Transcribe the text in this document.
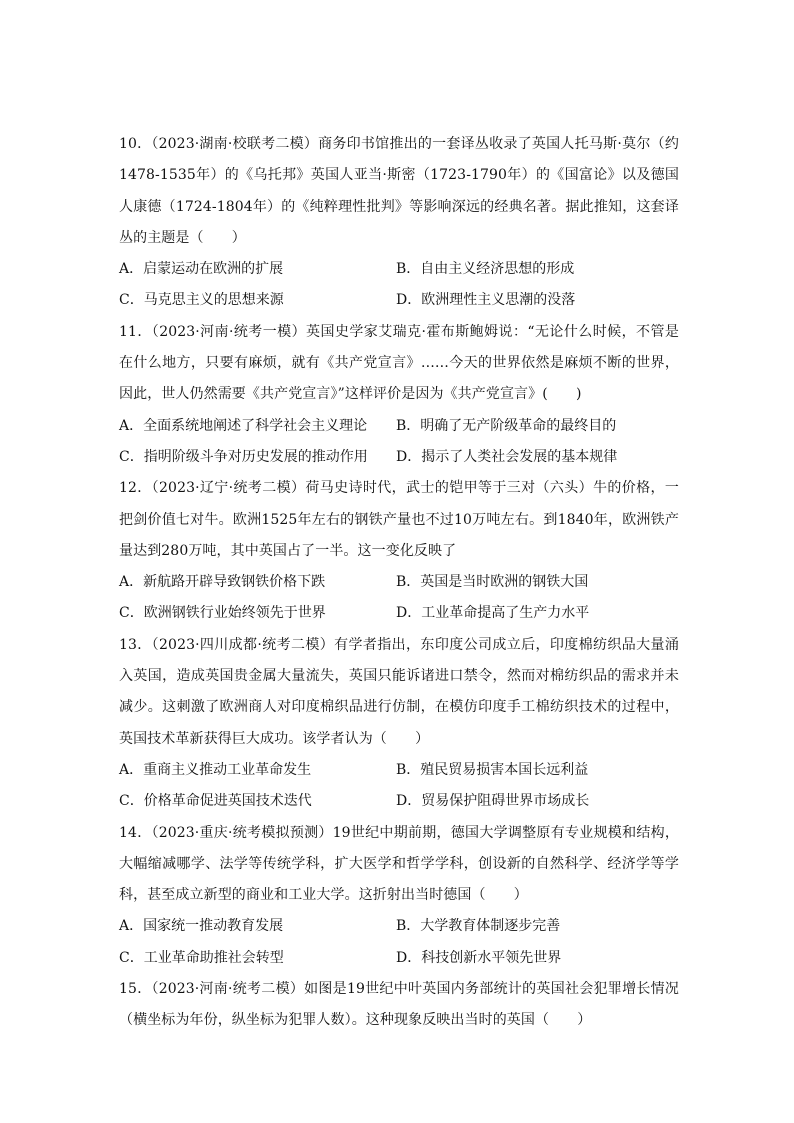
10．（2023·湖南·校联考二模）商务印书馆推出的一套译丛收录了英国人托马斯·莫尔（约1478-1535年）的《乌托邦》英国人亚当·斯密（1723-1790年）的《国富论》以及德国人康德（1724-1804年）的《纯粹理性批判》等影响深远的经典名著。据此推知，这套译丛的主题是（　　）

A．启蒙运动在欧洲的扩展	B．自由主义经济思想的形成
C．马克思主义的思想来源	D．欧洲理性主义思潮的没落

11．（2023·河南·统考一模）英国史学家艾瑞克·霍布斯鲍姆说：“无论什么时候，不管是在什么地方，只要有麻烦，就有《共产党宣言》……今天的世界依然是麻烦不断的世界，因此，世人仍然需要《共产党宣言》”这样评价是因为《共产党宣言》(　　)

A．全面系统地阐述了科学社会主义理论	B．明确了无产阶级革命的最终目的
C．指明阶级斗争对历史发展的推动作用	D．揭示了人类社会发展的基本规律

12．（2023·辽宁·统考二模）荷马史诗时代，武士的铠甲等于三对（六头）牛的价格，一把剑价值七对牛。欧洲1525年左右的钢铁产量也不过10万吨左右。到1840年，欧洲铁产量达到280万吨，其中英国占了一半。这一变化反映了

A．新航路开辟导致钢铁价格下跌	B．英国是当时欧洲的钢铁大国
C．欧洲钢铁行业始终领先于世界	D．工业革命提高了生产力水平

13．（2023·四川成都·统考二模）有学者指出，东印度公司成立后，印度棉纺织品大量涌入英国，造成英国贵金属大量流失，英国只能诉诸进口禁令，然而对棉纺织品的需求并未减少。这刺激了欧洲商人对印度棉织品进行仿制，在模仿印度手工棉纺织技术的过程中，英国技术革新获得巨大成功。该学者认为（　　）

A．重商主义推动工业革命发生	B．殖民贸易损害本国长远利益
C．价格革命促进英国技术迭代	D．贸易保护阻碍世界市场成长

14．（2023·重庆·统考模拟预测）19世纪中期前期，德国大学调整原有专业规模和结构，大幅缩减哪学、法学等传统学科，扩大医学和哲学学科，创设新的自然科学、经济学等学科，甚至成立新型的商业和工业大学。这折射出当时德国（　　）

A．国家统一推动教育发展	B．大学教育体制逐步完善
C．工业革命助推社会转型	D．科技创新水平领先世界

15．（2023·河南·统考二模）如图是19世纪中叶英国内务部统计的英国社会犯罪增长情况（横坐标为年份，纵坐标为犯罪人数）。这种现象反映出当时的英国（　　）
